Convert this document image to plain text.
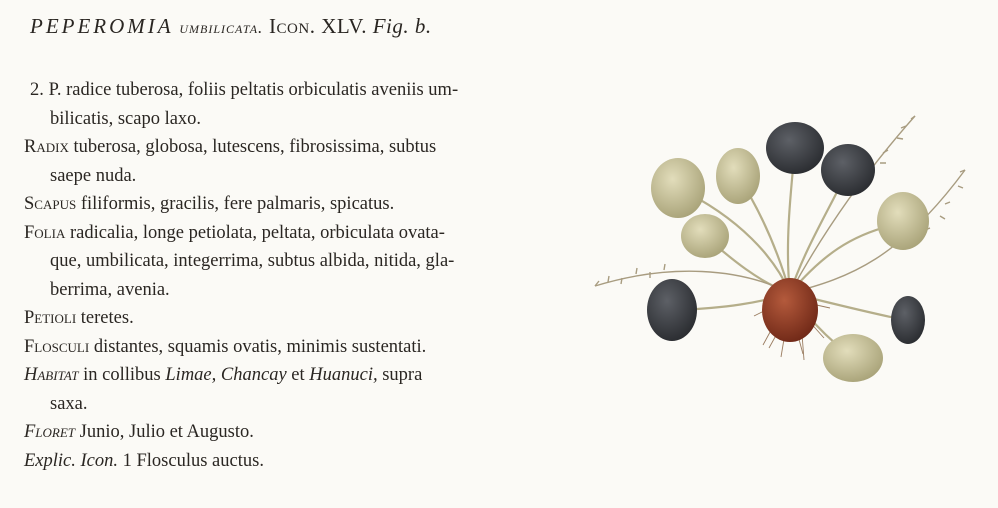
PEPEROMIA umbilicata. Icon. XLV. Fig. b.

2. P. radice tuberosa, foliis peltatis orbiculatis aveniis um-
bilicatis, scapo laxo.

Radix tuberosa, globosa, lutescens, fibrosissima, subtus
saepe nuda.

Scapus filiformis, gracilis, fere palmaris, spicatus.

Folia radicalia, longe petiolata, peltata, orbiculata ovata-
que, umbilicata, integerrima, subtus albida, nitida, gla-
berrima, avenia.

Petioli teretes.

Flosculi distantes, squamis ovatis, minimis sustentati.

Habitat in collibus Limae, Chancay et Huanuci, supra
saxa.

Floret Junio, Julio et Augusto.

Explic. Icon. 1 Flosculus auctus.
